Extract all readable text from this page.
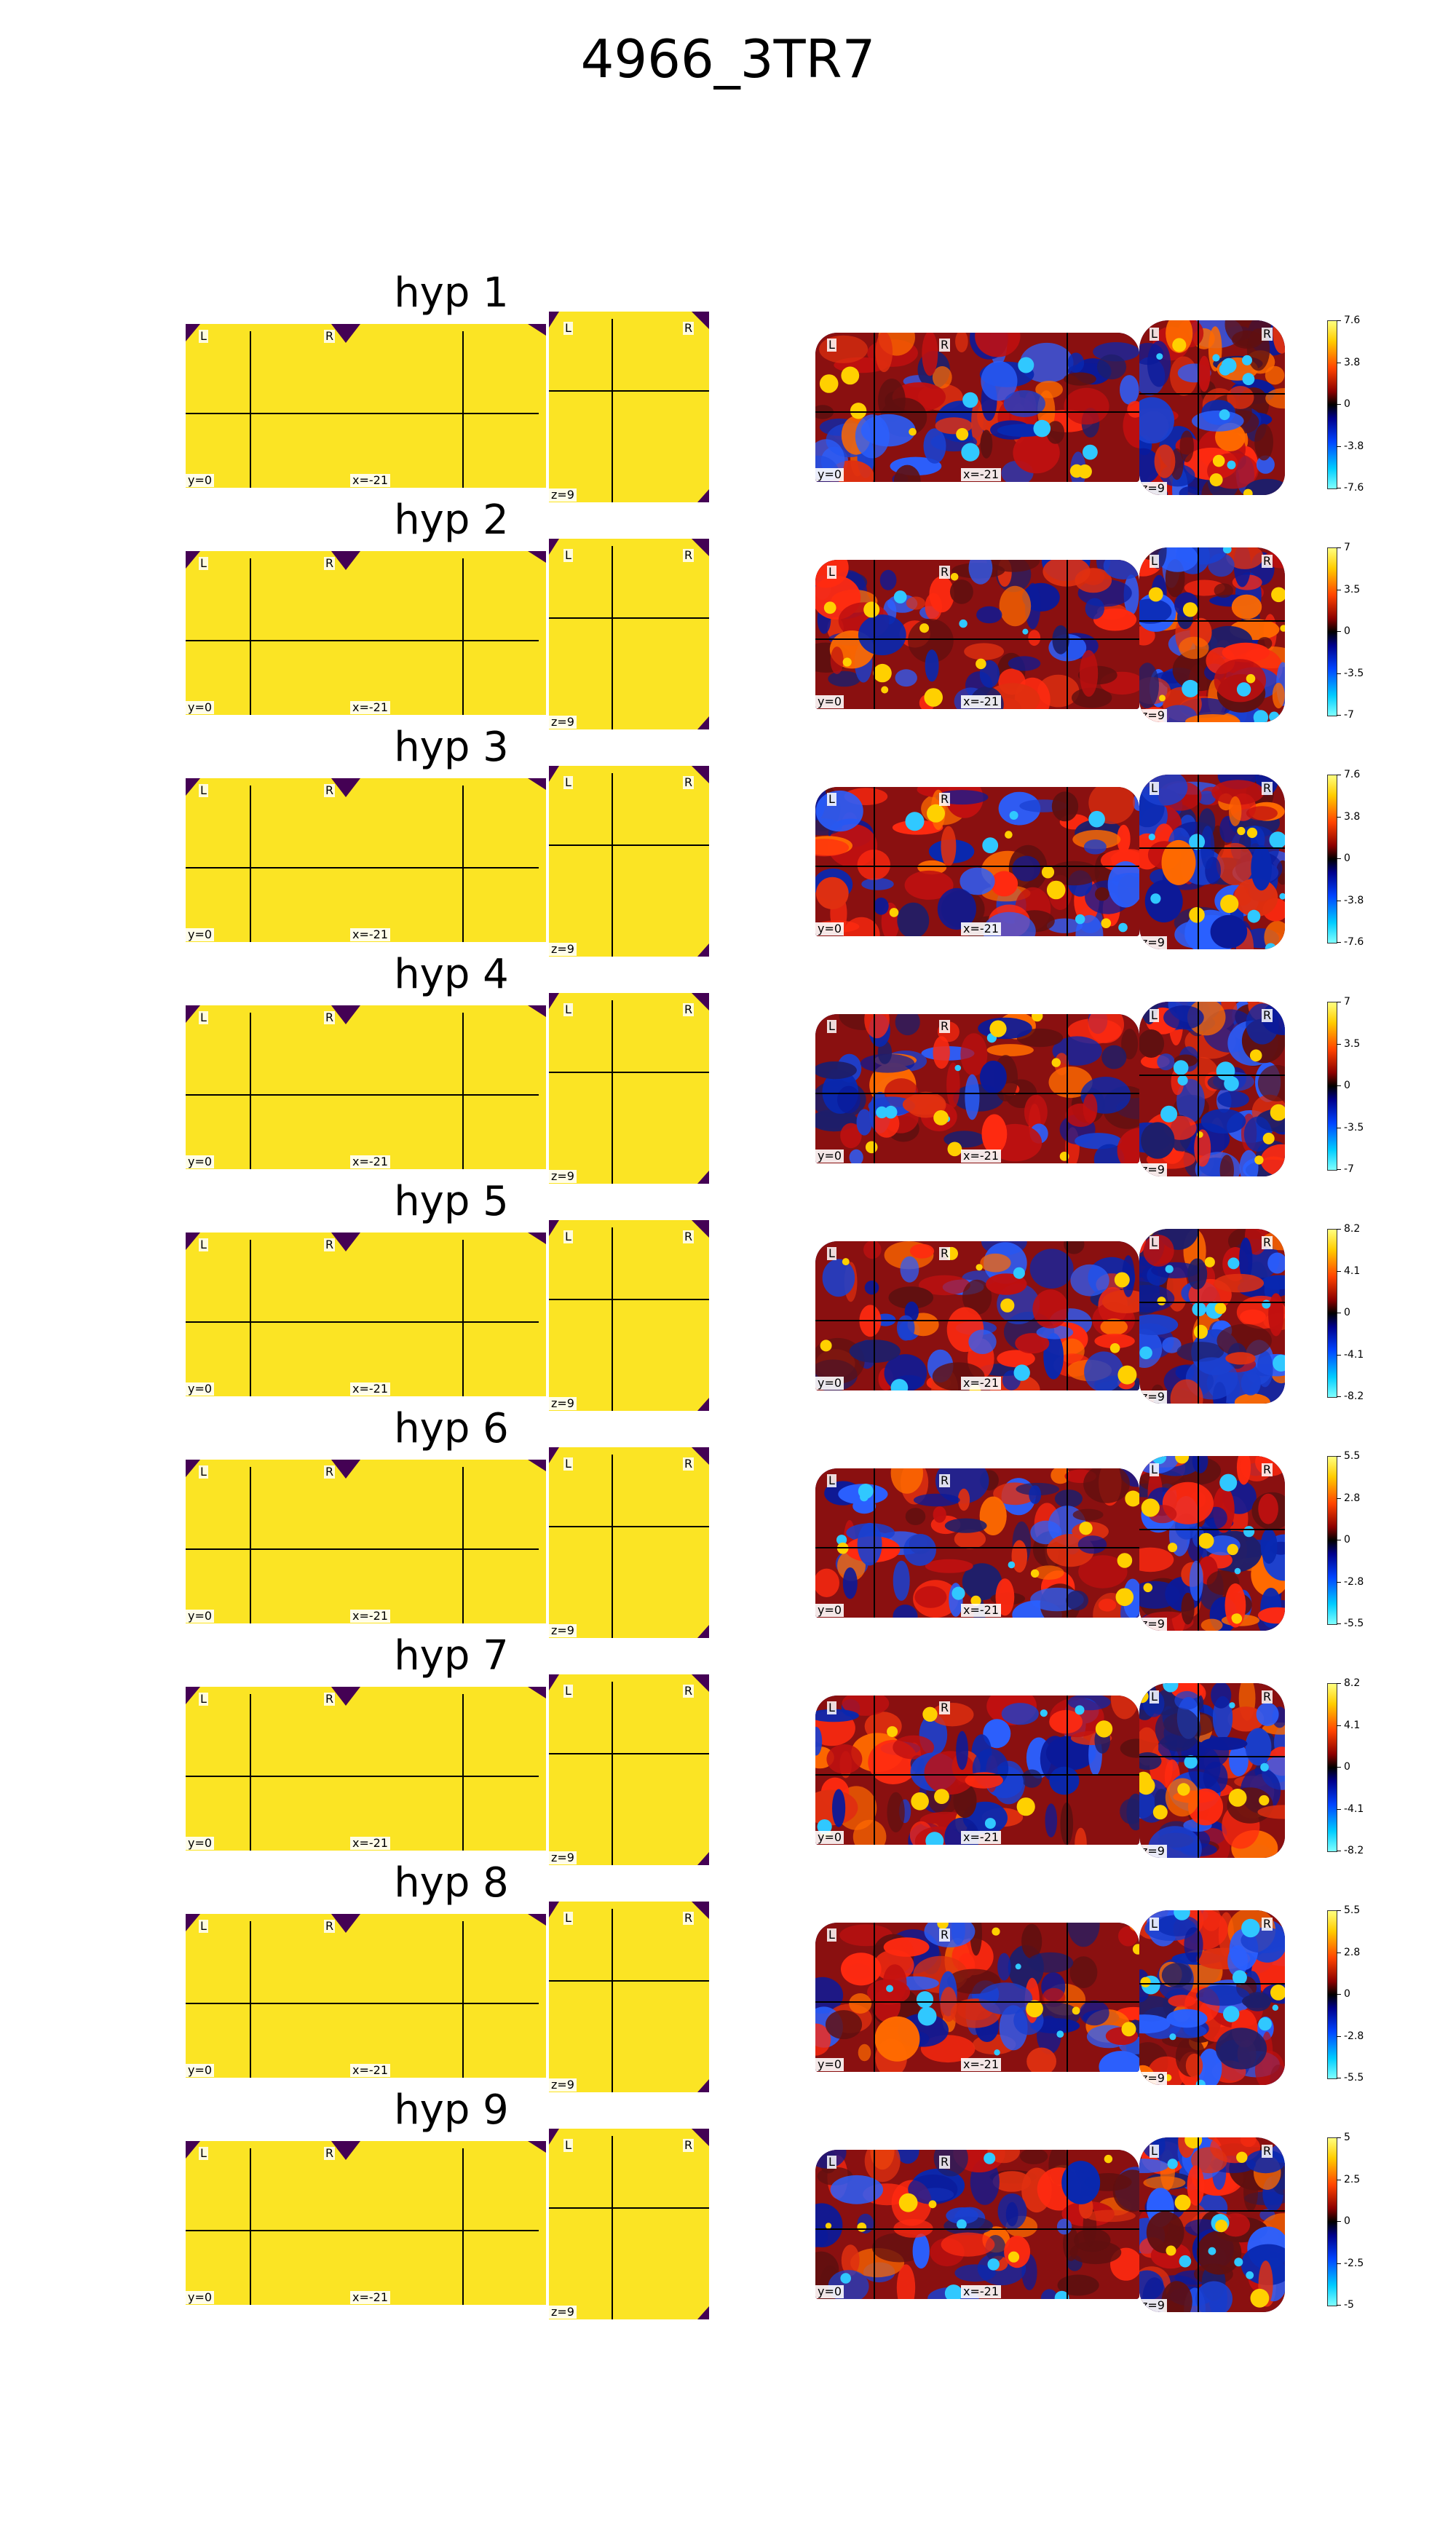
4966_3TR7
hyp 1
L	R
y=0	x=-21
L	R
z=9
L	R
y=0	x=-21
L	R
z=9
7.6
3.8
0
-3.8
-7.6
hyp 2
L	R
y=0	x=-21
L	R
z=9
L	R
y=0	x=-21
L	R
z=9
7
3.5
0
-3.5
-7
hyp 3
L	R
y=0	x=-21
L	R
z=9
L	R
y=0	x=-21
L	R
z=9
7.6
3.8
0
-3.8
-7.6
hyp 4
L	R
y=0	x=-21
L	R
z=9
L	R
y=0	x=-21
L	R
z=9
7
3.5
0
-3.5
-7
hyp 5
L	R
y=0	x=-21
L	R
z=9
L	R
y=0	x=-21
L	R
z=9
8.2
4.1
0
-4.1
-8.2
hyp 6
L	R
y=0	x=-21
L	R
z=9
L	R
y=0	x=-21
L	R
z=9
5.5
2.8
0
-2.8
-5.5
hyp 7
L	R
y=0	x=-21
L	R
z=9
L	R
y=0	x=-21
L	R
z=9
8.2
4.1
0
-4.1
-8.2
hyp 8
L	R
y=0	x=-21
L	R
z=9
L	R
y=0	x=-21
L	R
z=9
5.5
2.8
0
-2.8
-5.5
hyp 9
L	R
y=0	x=-21
L	R
z=9
L	R
y=0	x=-21
L	R
z=9
5
2.5
0
-2.5
-5
